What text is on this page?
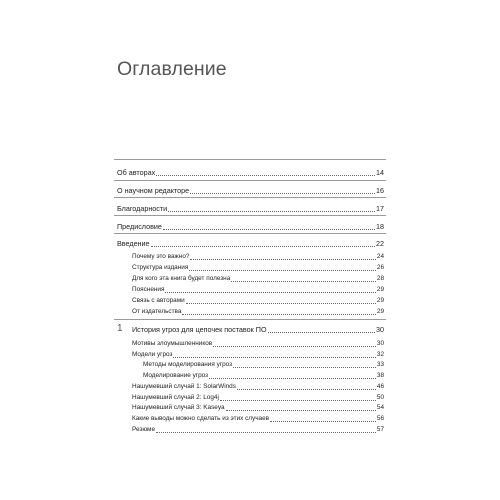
Оглавление
Об авторах	14
О научном редакторе	16
Благодарности	17
Предисловие	18
Введение	22
Почему это важно?	24
Структура издания	26
Для кого эта книга будет полезна	28
Пояснения	29
Связь с авторами	29
От издательства	29
1 История угроз для цепочек поставок ПО	30
Мотивы злоумышленников	30
Модели угроз	32
Методы моделирования угроз	33
Моделирование угроз	38
Нашумевший случай 1: SolarWinds	46
Нашумевший случай 2: Log4j	50
Нашумевший случай 3: Kaseya	54
Какие выводы можно сделать из этих случаев	56
Резюме	57
